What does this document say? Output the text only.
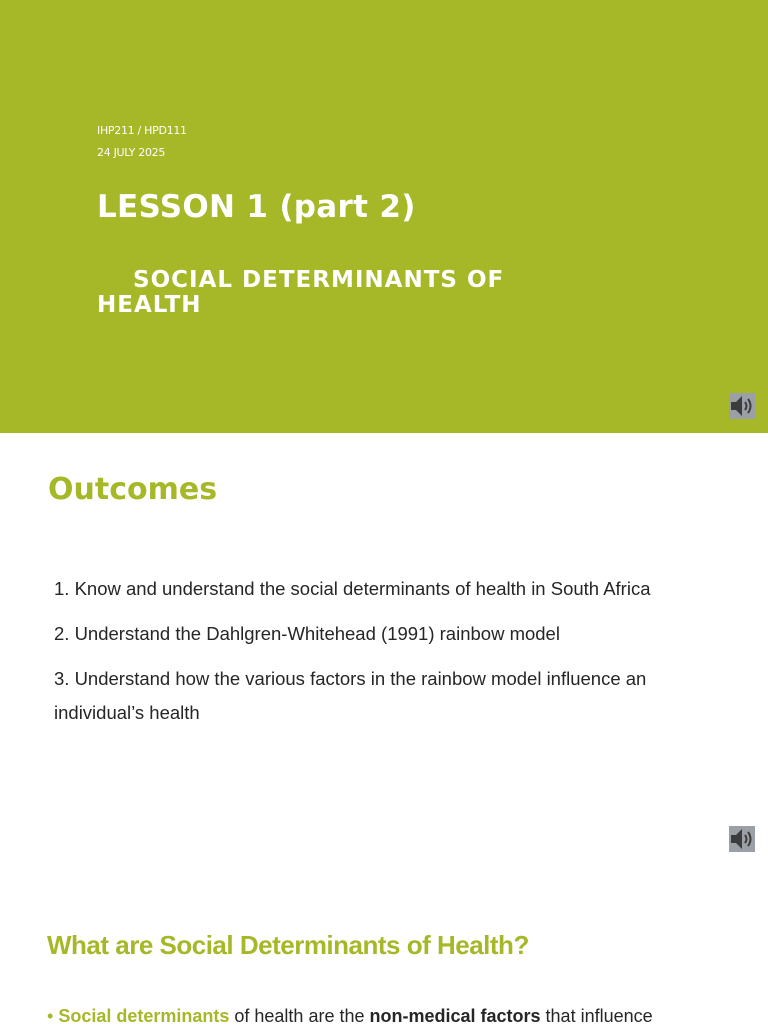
IHP211 / HPD111
24 JULY 2025
LESSON 1 (part 2)
SOCIAL DETERMINANTS OF
HEALTH
Outcomes
1. Know and understand the social determinants of health in South Africa
2. Understand the Dahlgren-Whitehead (1991) rainbow model
3. Understand how the various factors in the rainbow model influence an individual’s health
What are Social Determinants of Health?
• Social determinants of health are the non-medical factors that influence
